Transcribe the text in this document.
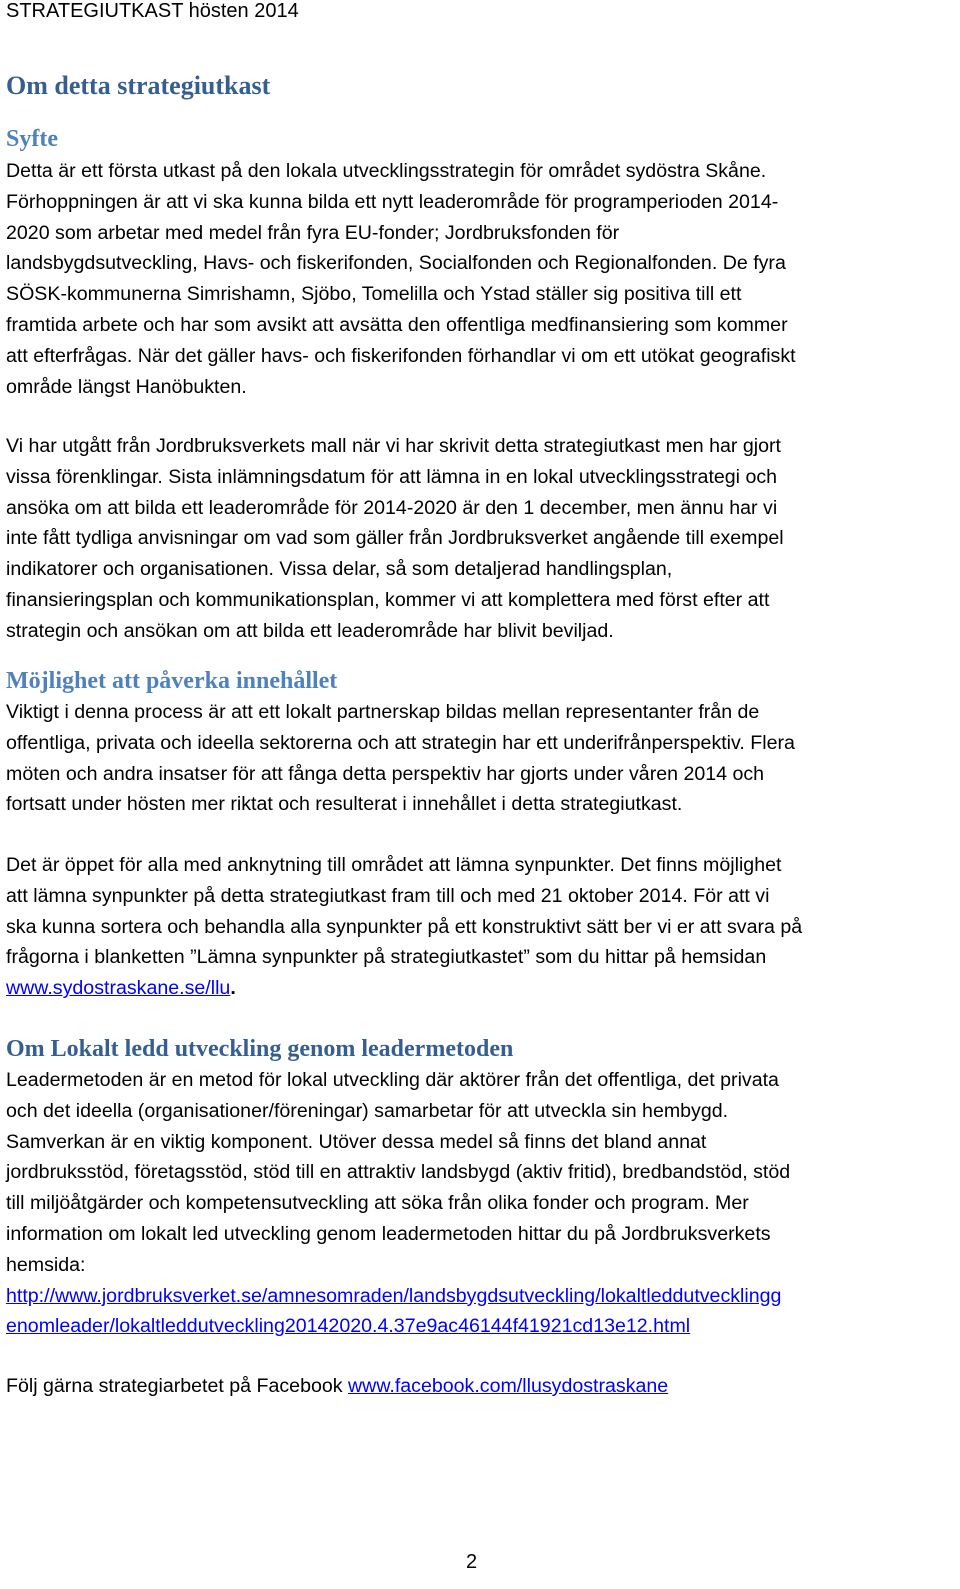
STRATEGIUTKAST hösten 2014
Om detta strategiutkast
Syfte

Detta är ett första utkast på den lokala utvecklingsstrategin för området sydöstra Skåne.
Förhoppningen är att vi ska kunna bilda ett nytt leaderområde för programperioden 2014-
2020 som arbetar med medel från fyra EU-fonder; Jordbruksfonden för
landsbygdsutveckling, Havs- och fiskerifonden, Socialfonden och Regionalfonden. De fyra
SÖSK-kommunerna Simrishamn, Sjöbo, Tomelilla och Ystad ställer sig positiva till ett
framtida arbete och har som avsikt att avsätta den offentliga medfinansiering som kommer
att efterfrågas. När det gäller havs- och fiskerifonden förhandlar vi om ett utökat geografiskt
område längst Hanöbukten.

Vi har utgått från Jordbruksverkets mall när vi har skrivit detta strategiutkast men har gjort
vissa förenklingar. Sista inlämningsdatum för att lämna in en lokal utvecklingsstrategi och
ansöka om att bilda ett leaderområde för 2014-2020 är den 1 december, men ännu har vi
inte fått tydliga anvisningar om vad som gäller från Jordbruksverket angående till exempel
indikatorer och organisationen. Vissa delar, så som detaljerad handlingsplan,
finansieringsplan och kommunikationsplan, kommer vi att komplettera med först efter att
strategin och ansökan om att bilda ett leaderområde har blivit beviljad.

Möjlighet att påverka innehållet

Viktigt i denna process är att ett lokalt partnerskap bildas mellan representanter från de
offentliga, privata och ideella sektorerna och att strategin har ett underifrånperspektiv. Flera
möten och andra insatser för att fånga detta perspektiv har gjorts under våren 2014 och
fortsatt under hösten mer riktat och resulterat i innehållet i detta strategiutkast.

Det är öppet för alla med anknytning till området att lämna synpunkter. Det finns möjlighet
att lämna synpunkter på detta strategiutkast fram till och med 21 oktober 2014. För att vi
ska kunna sortera och behandla alla synpunkter på ett konstruktivt sätt ber vi er att svara på
frågorna i blanketten ”Lämna synpunkter på strategiutkastet” som du hittar på hemsidan
www.sydostraskane.se/llu.

Om Lokalt ledd utveckling genom leadermetoden

Leadermetoden är en metod för lokal utveckling där aktörer från det offentliga, det privata
och det ideella (organisationer/föreningar) samarbetar för att utveckla sin hembygd.
Samverkan är en viktig komponent. Utöver dessa medel så finns det bland annat
jordbruksstöd, företagsstöd, stöd till en attraktiv landsbygd (aktiv fritid), bredbandstöd, stöd
till miljöåtgärder och kompetensutveckling att söka från olika fonder och program. Mer
information om lokalt led utveckling genom leadermetoden hittar du på Jordbruksverkets
hemsida:
http://www.jordbruksverket.se/amnesomraden/landsbygdsutveckling/lokaltleddutvecklingg
enomleader/lokaltleddutveckling20142020.4.37e9ac46144f41921cd13e12.html

Följ gärna strategiarbetet på Facebook www.facebook.com/llusydostraskane

2
